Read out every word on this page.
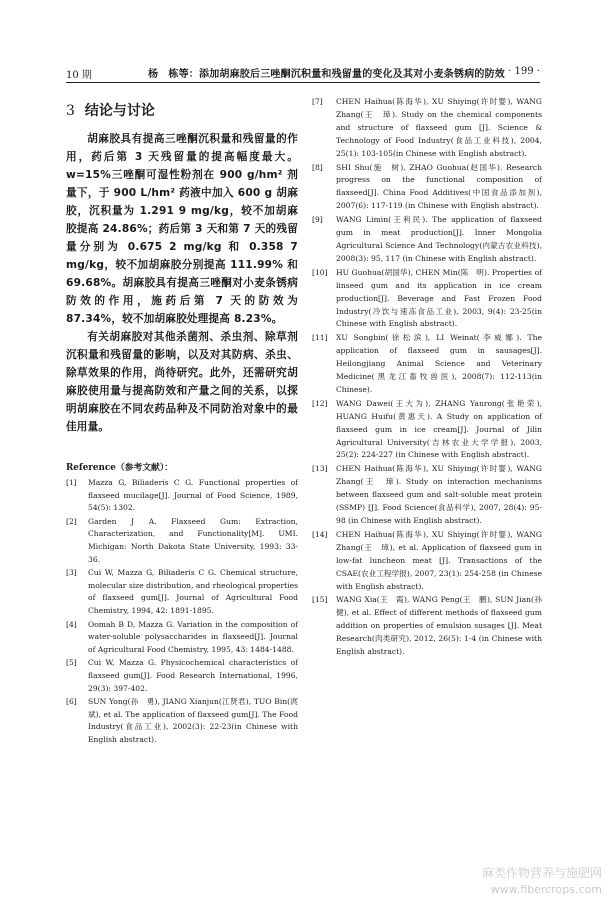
10 期	杨　栋等：添加胡麻胶后三唑酮沉积量和残留量的变化及其对小麦条锈病的防效 · 199 ·
3 结论与讨论

胡麻胶具有提高三唑酮沉积量和残留量的作用，药后第 3 天残留量的提高幅度最大。w=15%三唑酮可湿性粉剂在 900 g/hm² 剂量下，于 900 L/hm² 药液中加入 600 g 胡麻胶，沉积量为 1.291 9 mg/kg，较不加胡麻胶提高 24.86%；药后第 3 天和第 7 天的残留量分别为 0.675 2 mg/kg 和 0.358 7 mg/kg，较不加胡麻胶分别提高 111.99% 和 69.68%。胡麻胶具有提高三唑酮对小麦条锈病防效的作用，施药后第 7 天的防效为 87.34%，较不加胡麻胶处理提高 8.23%。

有关胡麻胶对其他杀菌剂、杀虫剂、除草剂沉积量和残留量的影响，以及对其防病、杀虫、除草效果的作用，尚待研究。此外，还需研究胡麻胶使用量与提高防效和产量之间的关系，以探明胡麻胶在不同农药品种及不同防治对象中的最佳用量。

Reference（参考文献）：
[1]	Mazza G, Biliaderis C G. Functional properties of flaxseed mucilage[J]. Journal of Food Science, 1989, 54(5): 1302.
[2]	Garden J A. Flaxseed Gum: Extraction, Characterization, and Functionality[M]. UMI. Michigan: North Dakota State University, 1993: 33-36.
[3]	Cui W, Mazza G, Biliaderis C G. Chemical structure, molecular size distribution, and rheological properties of flaxseed gum[J]. Journal of Agricultural Food Chemistry, 1994, 42: 1891-1895.
[4]	Oomah B D, Mazza G. Variation in the composition of water-soluble polysaccharides in flaxseed[J]. Journal of Agricultural Food Chemistry, 1995, 43: 1484-1488.
[5]	Cui W, Mazza G. Physicochemical characteristics of flaxseed gum[J]. Food Research International, 1996, 29(3): 397-402.
[6]	SUN Yong(孙　勇), JIANG Xianjun(江贤君), TUO Bin(庹　斌), et al. The application of flaxseed gum[J]. The Food Industry(食品工业), 2002(3): 22-23(in Chinese with English abstract).
[7]	CHEN Haihua(陈海华), XU Shiying(许时婴), WANG Zhang(王　璋). Study on the chemical components and structure of flaxseed gum [J]. Science & Technology of Food Industry(食品工业科技), 2004, 25(1): 103-105(in Chinese with English abstract).
[8]	SHI Shu(施　树), ZHAO Guohua(赵国华). Research progress on the functional composition of flaxseed[J]. China Food Additives(中国食品添加剂), 2007(6): 117-119 (in Chinese with English abstract).
[9]	WANG Limin(王利民). The application of flaxseed gum in meat production[J]. Inner Mongolia Agricultural Science And Technology(内蒙古农业科技), 2008(3): 95, 117 (in Chinese with English abstract).
[10]	HU Guohua(胡国华), CHEN Min(陈　明). Properties of linseed gum and its application in ice cream production[J]. Beverage and Fast Frozen Food Industry(冷饮与速冻食品工业), 2003, 9(4): 23-25(in Chinese with English abstract).
[11]	XU Songbin(徐松滨), LI Weinat(李威娜). The application of flaxseed gum in sausages[J]. Heilongjiang Animal Science and Veterinary Medicine(黑龙江畜牧兽医), 2008(7): 112-113(in Chinese).
[12]	WANG Dawei(王大为), ZHANG Yanrong(张艳荣), HUANG Huifu(黄惠天). A Study on application of flaxseed gum in ice cream[J]. Journal of Jilin Agricultural University(吉林农业大学学报), 2003, 25(2): 224-227 (in Chinese with English abstract).
[13]	CHEN Haihua(陈海华), XU Shiying(许时婴), WANG Zhang(王　璋). Study on interaction mechanisms between flaxseed gum and salt-soluble meat protein (SSMP) [J]. Food Science(食品科学), 2007, 28(4): 95-98 (in Chinese with English abstract).
[14]	CHEN Haihua(陈海华), XU Shiying(许时婴), WANG Zhang(王　璋), et al. Application of flaxseed gum in low-fat luncheon meat [J]. Transactions of the CSAE(农业工程学报), 2007, 23(1): 254-258 (in Chinese with English abstract).
[15]	WANG Xia(王　霞), WANG Peng(王　鹏), SUN Jian(孙　健), et al. Effect of different methods of flaxseed gum addition on properties of emulsion susages [J]. Meat Research(肉类研究), 2012, 26(5): 1-4 (in Chinese with English abstract).
麻类作物营养与施肥网
www.fibercrops.com
